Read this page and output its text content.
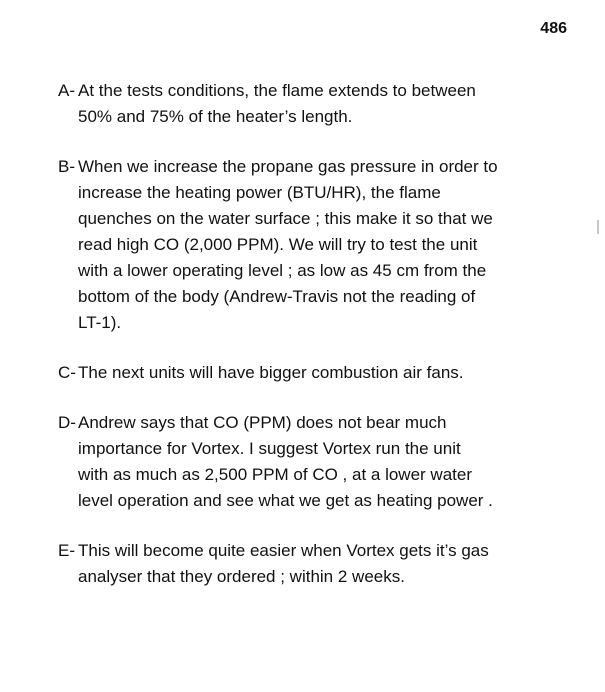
486
A- At the tests conditions, the flame extends to between
50% and 75% of the heater’s length.
B- When we increase the propane gas pressure in order to
increase the heating power (BTU/HR), the flame
quenches on the water surface ; this make it so that we
read high CO (2,000 PPM). We will try to test the unit
with a lower operating level ; as low as 45 cm from the
bottom of the body (Andrew-Travis not the reading of
LT-1).
C- The next units will have bigger combustion air fans.
D- Andrew says that CO (PPM) does not bear much
importance for Vortex. I suggest Vortex run the unit
with as much as 2,500 PPM of CO , at a lower water
level operation and see what we get as heating power .
E- This will become quite easier when Vortex gets it’s gas
analyser that they ordered ; within 2 weeks.
